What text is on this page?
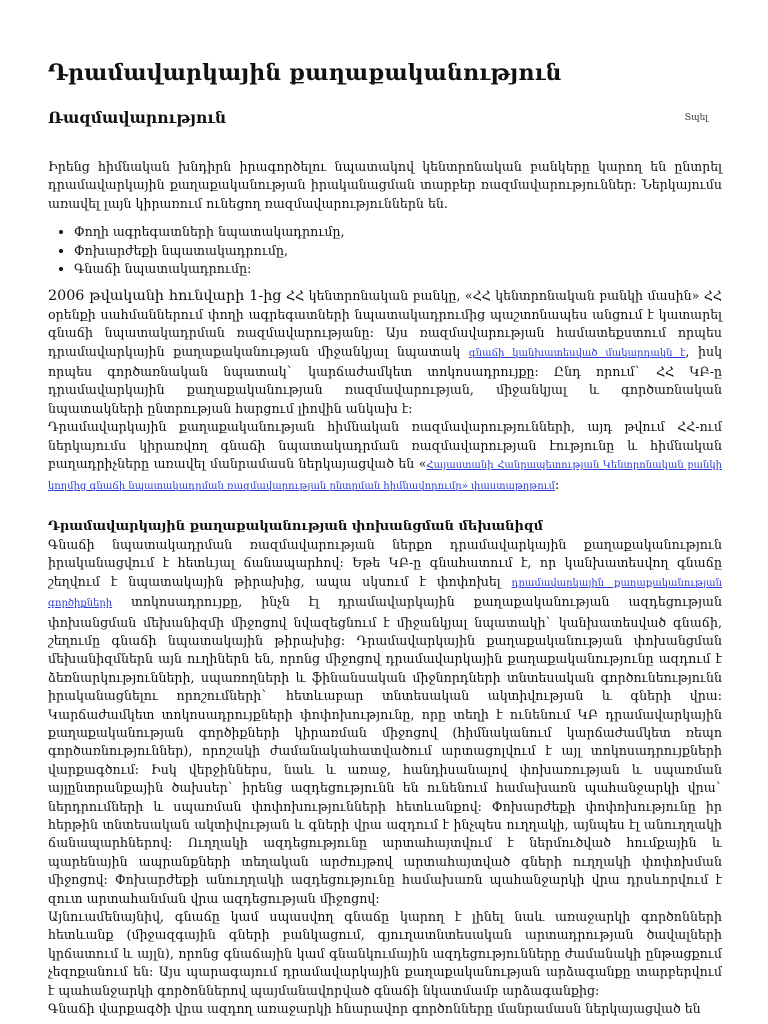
Դրամավարկային քաղաքականություն
Ռազմավարություն	Տպել

Իրենց հիմնական խնդիրն իրագործելու նպատակով կենտրոնական բանկերը կարող են ընտրել դրամավարկային քաղաքականության իրականացման տարբեր ռազմավարություններ: Ներկայումս առավել լայն կիրառում ունեցող ռազմավարություններն են.

• Փողի ագրեգատների նպատակադրումը,
• Փոխարժեքի նպատակադրումը,
• Գնաճի նպատակադրումը:

2006 թվականի հունվարի 1-ից ՀՀ կենտրոնական բանկը, «ՀՀ կենտրոնական բանկի մասին» ՀՀ օրենքի սահմաններում փողի ագրեգատների նպատակադրումից պաշտոնապես անցում է կատարել գնաճի նպատակադրման ռազմավարությանը: Այս ռազմավարության համատեքստում որպես դրամավարկային քաղաքականության միջանկյալ նպատակ գնաճի կանխատեսված մակարդակն է, իսկ որպես գործառնական նպատակ` կարճաժամկետ տոկոսադրույքը: Ընդ որում` ՀՀ ԿԲ-ը դրամավարկային քաղաքականության ռազմավարության, միջանկյալ և գործառնական նպատակների ընտրության հարցում լիովին անկախ է:

Դրամավարկային քաղաքականության հիմնական ռազմավարությունների, այդ թվում ՀՀ-ում ներկայումս կիրառվող գնաճի նպատակադրման ռազմավարության էությունը և հիմնական բաղադրիչները առավել մանրամասն ներկայացված են «Հայաստանի Հանրապետության Կենտրոնական բանկի կողմից գնաճի նպատակադրման ռազմավարության ընտրման հիմնավորումը» փաստաթղթում:

Դրամավարկային քաղաքականության փոխանցման մեխանիզմ

Գնաճի նպատակադրման ռազմավարության ներքո դրամավարկային քաղաքականություն իրականացվում է հետևյալ ճանապարհով: Եթե ԿԲ-ը գնահատում է, որ կանխատեսվող գնաճը շեղվում է նպատակային թիրախից, ապա սկսում է փոփոխել դրամավարկային քաղաքականության գործիքների տոկոսադրույքը, ինչն էլ դրամավարկային քաղաքականության ազդեցության փոխանցման մեխանիզմի միջոցով նվազեցնում է միջանկյալ նպատակի` կանխատեսված գնաճի, շեղումը գնաճի նպատակային թիրախից: Դրամավարկային քաղաքականության փոխանցման մեխանիզմներն այն ուղիներն են, որոնց միջոցով դրամավարկային քաղաքականությունը ազդում է ձեռնարկությունների, սպառողների և ֆինանսական միջնորդների տնտեսական գործունեությունն իրականացնելու որոշումների` հետևաբար տնտեսական ակտիվության և գների վրա: Կարճաժամկետ տոկոսադրույքների փոփոխությունը, որը տեղի է ունենում ԿԲ դրամավարկային քաղաքականության գործիքների կիրառման միջոցով (հիմնականում կարճաժամկետ ռեպո գործառնություններ), որոշակի ժամանակահատվածում արտացոլվում է այլ տոկոսադրույքների վարքագծում: Իսկ վերջիններս, նաև և առաջ, հանդիսանալով փոխառության և սպառման այլընտրանքային ծախսեր` իրենց ազդեցությունն են ունենում համախառն պահանջարկի վրա` ներդրումների և սպառման փոփոխությունների հետևանքով: Փոխարժեքի փոփոխությունը իր հերթին տնտեսական ակտիվության և գների վրա ազդում է ինչպես ուղղակի, այնպես էլ անուղղակի ճանապարհներով: Ուղղակի ազդեցությունը արտահայտվում է ներմուծված հումքային և պարենային ապրանքների տեղական արժույթով արտահայտված գների ուղղակի փոփոխման միջոցով: Փոխարժեքի անուղղակի ազդեցությունը համախառն պահանջարկի վրա դրսևորվում է զուտ արտահանման վրա ազդեցության միջոցով:

Այնուամենայնիվ, գնաճը կամ սպասվող գնաճը կարող է լինել նաև առաջարկի գործոնների հետևանք (միջազգային գների բանկացում, գյուղատնտեսական արտադրության ծավալների կրճատում և այլն), որոնց գնաճային կամ գնանկումային ազդեցությունները ժամանակի ընթացքում չեզոքանում են: Այս պարագայում դրամավարկային քաղաքականության արձագանքը տարբերվում է պահանջարկի գործոններով պայմանավորված գնաճի նկատմամբ արձագանքից:

Գնաճի վարքագծի վրա ազդող առաջարկի հնարավոր գործոնները մանրամասն ներկայացված են
